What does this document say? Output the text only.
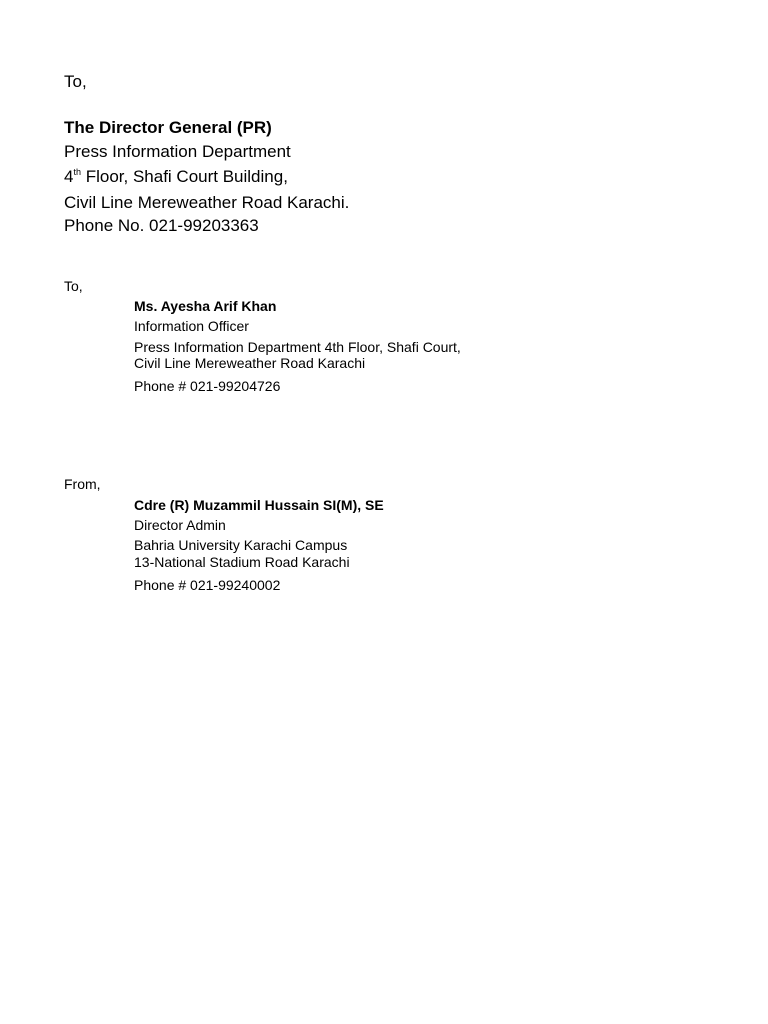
To,
The Director General (PR)
Press Information Department
4th Floor, Shafi Court Building,
Civil Line Mereweather Road Karachi.
Phone No. 021-99203363
To,
Ms. Ayesha Arif Khan
Information Officer
Press Information Department 4th Floor, Shafi Court,
Civil Line Mereweather Road Karachi
Phone # 021-99204726
From,
Cdre (R) Muzammil Hussain SI(M), SE
Director Admin
Bahria University Karachi Campus
13-National Stadium Road Karachi
Phone # 021-99240002
